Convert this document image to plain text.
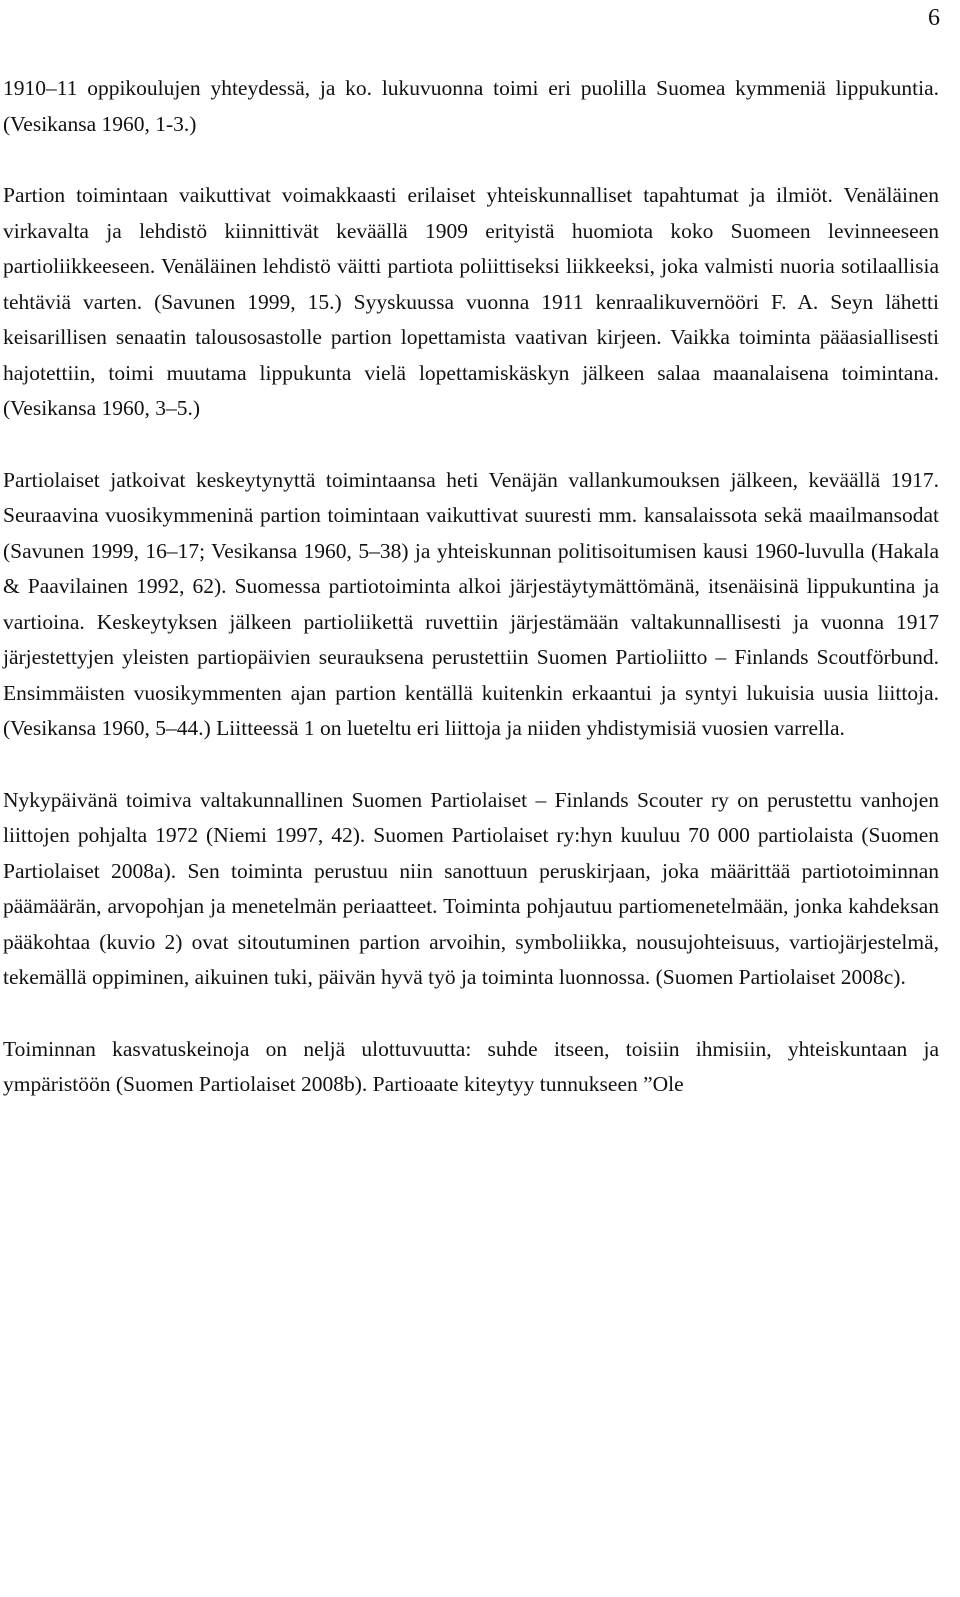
6

1910–11 oppikoulujen yhteydessä, ja ko. lukuvuonna toimi eri puolilla Suomea kymmeniä lippukuntia. (Vesikansa 1960, 1-3.)

Partion toimintaan vaikuttivat voimakkaasti erilaiset yhteiskunnalliset tapahtumat ja ilmiöt. Venäläinen virkavalta ja lehdistö kiinnittivät keväällä 1909 erityistä huomiota koko Suomeen levinneeseen partioliikkeeseen. Venäläinen lehdistö väitti partiota poliittiseksi liikkeeksi, joka valmisti nuoria sotilaallisia tehtäviä varten. (Savunen 1999, 15.) Syyskuussa vuonna 1911 kenraalikuvernööri F. A. Seyn lähetti keisarillisen senaatin talousosastolle partion lopettamista vaativan kirjeen. Vaikka toiminta pääasiallisesti hajotettiin, toimi muutama lippukunta vielä lopettamiskäskyn jälkeen salaa maanalaisena toimintana. (Vesikansa 1960, 3–5.)

Partiolaiset jatkoivat keskeytynyttä toimintaansa heti Venäjän vallankumouksen jälkeen, keväällä 1917. Seuraavina vuosikymmeninä partion toimintaan vaikuttivat suuresti mm. kansalaissota sekä maailmansodat (Savunen 1999, 16–17; Vesikansa 1960, 5–38) ja yhteiskunnan politisoitumisen kausi 1960-luvulla (Hakala & Paavilainen 1992, 62). Suomessa partiotoiminta alkoi järjestäytymättömänä, itsenäisinä lippukuntina ja vartioina. Keskeytyksen jälkeen partioliikettä ruvettiin järjestämään valtakunnallisesti ja vuonna 1917 järjestettyjen yleisten partiopäivien seurauksena perustettiin Suomen Partioliitto – Finlands Scoutförbund. Ensimmäisten vuosikymmenten ajan partion kentällä kuitenkin erkaantui ja syntyi lukuisia uusia liittoja. (Vesikansa 1960, 5–44.) Liitteessä 1 on lueteltu eri liittoja ja niiden yhdistymisiä vuosien varrella.

Nykypäivänä toimiva valtakunnallinen Suomen Partiolaiset – Finlands Scouter ry on perustettu vanhojen liittojen pohjalta 1972 (Niemi 1997, 42). Suomen Partiolaiset ry:hyn kuuluu 70 000 partiolaista (Suomen Partiolaiset 2008a). Sen toiminta perustuu niin sanottuun peruskirjaan, joka määrittää partiotoiminnan päämäärän, arvopohjan ja menetelmän periaatteet. Toiminta pohjautuu partiomenetelmään, jonka kahdeksan pääkohtaa (kuvio 2) ovat sitoutuminen partion arvoihin, symboliikka, nousujohteisuus, vartiojärjestelmä, tekemällä oppiminen, aikuinen tuki, päivän hyvä työ ja toiminta luonnossa. (Suomen Partiolaiset 2008c).

Toiminnan kasvatuskeinoja on neljä ulottuvuutta: suhde itseen, toisiin ihmisiin, yhteiskuntaan ja ympäristöön (Suomen Partiolaiset 2008b). Partioaate kiteytyy tunnukseen ”Ole
